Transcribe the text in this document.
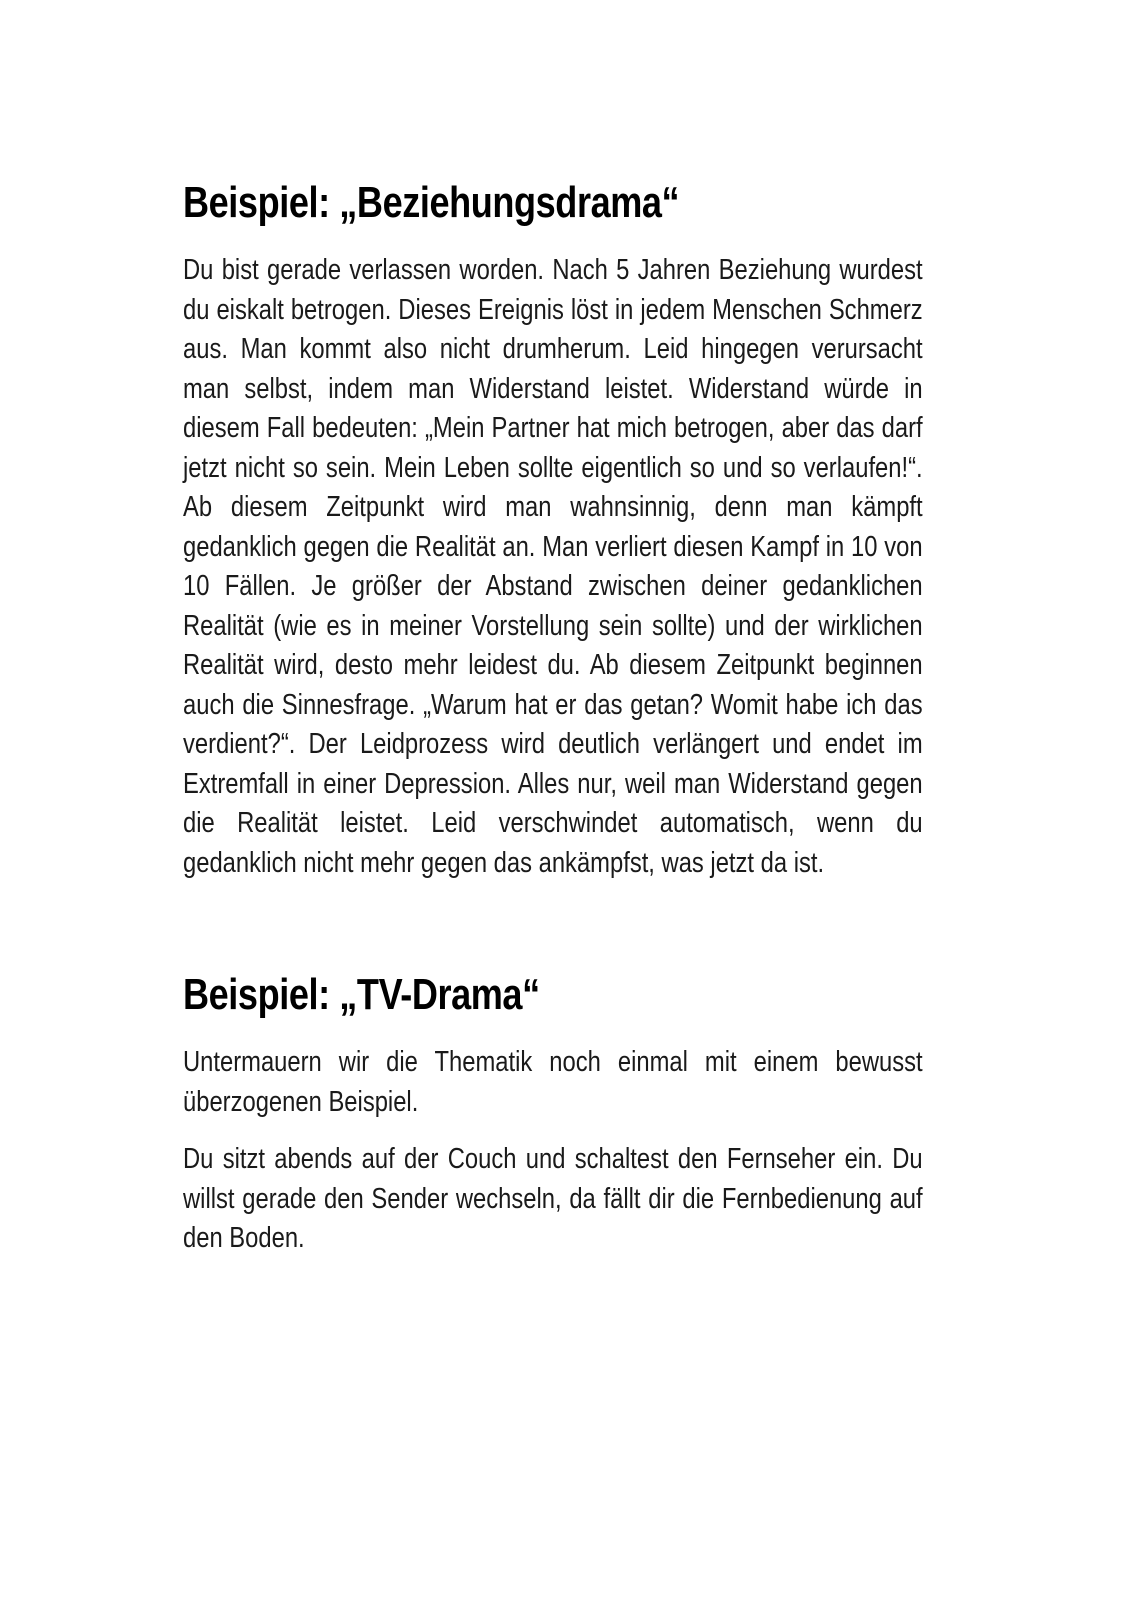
Beispiel: „Beziehungsdrama“

Du bist gerade verlassen worden. Nach 5 Jahren Beziehung wurdest du eiskalt betrogen. Dieses Ereignis löst in jedem Menschen Schmerz aus. Man kommt also nicht drumherum. Leid hingegen verursacht man selbst, indem man Widerstand leistet. Widerstand würde in diesem Fall bedeuten: „Mein Partner hat mich betrogen, aber das darf jetzt nicht so sein. Mein Leben sollte eigentlich so und so verlaufen!“. Ab diesem Zeitpunkt wird man wahnsinnig, denn man kämpft gedanklich gegen die Realität an. Man verliert diesen Kampf in 10 von 10 Fällen. Je größer der Abstand zwischen deiner gedanklichen Realität (wie es in meiner Vorstellung sein sollte) und der wirklichen Realität wird, desto mehr leidest du. Ab diesem Zeitpunkt beginnen auch die Sinnesfrage. „Warum hat er das getan? Womit habe ich das verdient?“. Der Leidprozess wird deutlich verlängert und endet im Extremfall in einer Depression. Alles nur, weil man Widerstand gegen die Realität leistet. Leid verschwindet automatisch, wenn du gedanklich nicht mehr gegen das ankämpfst, was jetzt da ist.

Beispiel: „TV-Drama“

Untermauern wir die Thematik noch einmal mit einem bewusst überzogenen Beispiel.

Du sitzt abends auf der Couch und schaltest den Fernseher ein. Du willst gerade den Sender wechseln, da fällt dir die Fernbedienung auf den Boden.
